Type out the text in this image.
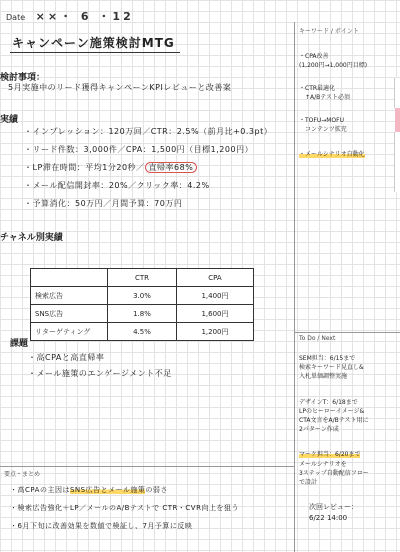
Date ××・ 6 ・12
キャンペーン施策検討MTG
検討事項：
5月実施中のリード獲得キャンペーンKPIレビューと改善案
実績
・インプレッション：120万回／CTR：2.5%（前月比+0.3pt）
・リード件数：3,000件／CPA：1,500円（目標1,200円）
・LP滞在時間：平均1分20秒／ 直帰率68%
・メール配信開封率：20%／クリック率：4.2%
・予算消化：50万円／月間予算：70万円
チャネル別実績
	CTR	CPA
検索広告	3.0%	1,400円
SNS広告	1.8%	1,600円
リターゲティング	4.5%	1,200円
課題
・高CPAと高直帰率
・メール施策のエンゲージメント不足
要点・まとめ
・高CPAの主因はSNS広告とメール施策の弱さ
・検索広告強化＋LP／メールのA/Bテストで CTR・CVR向上を狙う
・6月下旬に改善効果を数値で検証し、7月予算に反映
キーワード / ポイント
・CPA改善
(1,200円→1,000円目標)
・CTR最適化
　↑A/Bテスト必須
・TOFU→MOFU
　コンテンツ拡充
・メールシナリオ自動化
To Do / Next
SEM担当：6/15まで
検索キーワード見直し&
入札単価調整実施
デザインT：6/18まで
LPのヒーローイメージ&
CTA文言をA/Bテスト用に
2パターン作成
マーケ担当：6/20まで
メールシナリオを
3ステップ自動配信フロー
で設計
次回レビュー：
6/22 14:00
